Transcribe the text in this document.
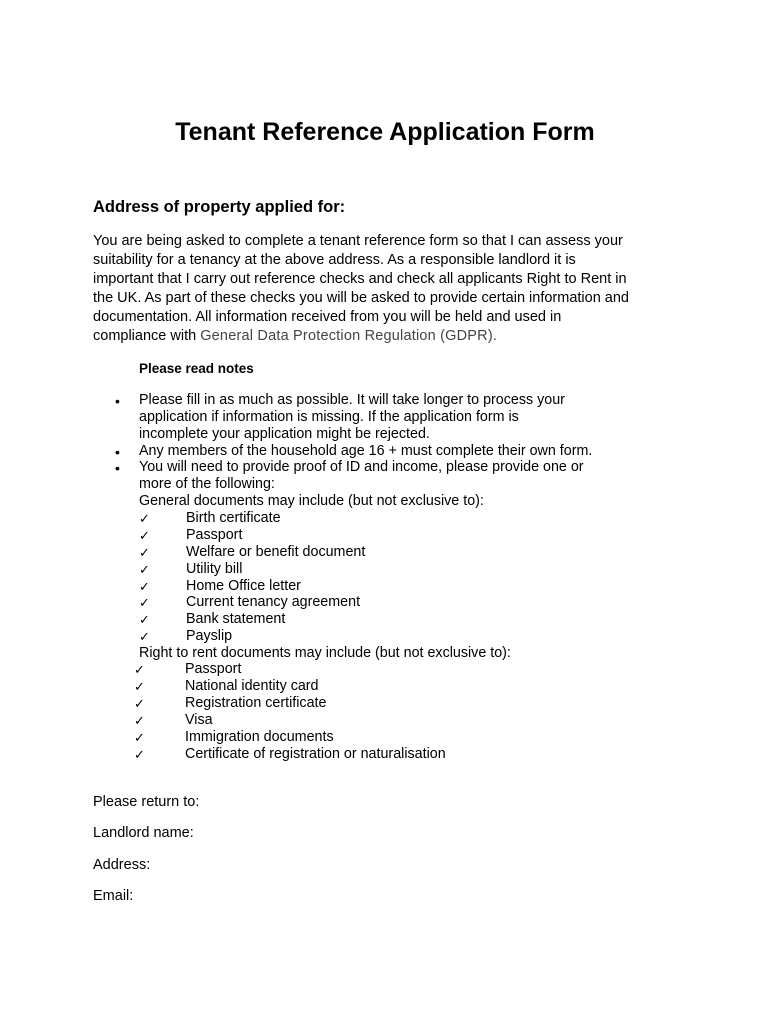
Tenant Reference Application Form
Address of property applied for:
You are being asked to complete a tenant reference form so that I can assess your
suitability for a tenancy at the above address. As a responsible landlord it is
important that I carry out reference checks and check all applicants Right to Rent in
the UK. As part of these checks you will be asked to provide certain information and
documentation. All information received from you will be held and used in
compliance with General Data Protection Regulation (GDPR).
Please read notes
• Please fill in as much as possible. It will take longer to process your
application if information is missing. If the application form is
incomplete your application might be rejected.
• Any members of the household age 16 + must complete their own form.
• You will need to provide proof of ID and income, please provide one or
more of the following:
General documents may include (but not exclusive to):
✓	Birth certificate
✓	Passport
✓	Welfare or benefit document
✓	Utility bill
✓	Home Office letter
✓	Current tenancy agreement
✓	Bank statement
✓	Payslip
Right to rent documents may include (but not exclusive to):
✓	Passport
✓	National identity card
✓	Registration certificate
✓	Visa
✓	Immigration documents
✓	Certificate of registration or naturalisation
Please return to:
Landlord name:
Address:
Email:
